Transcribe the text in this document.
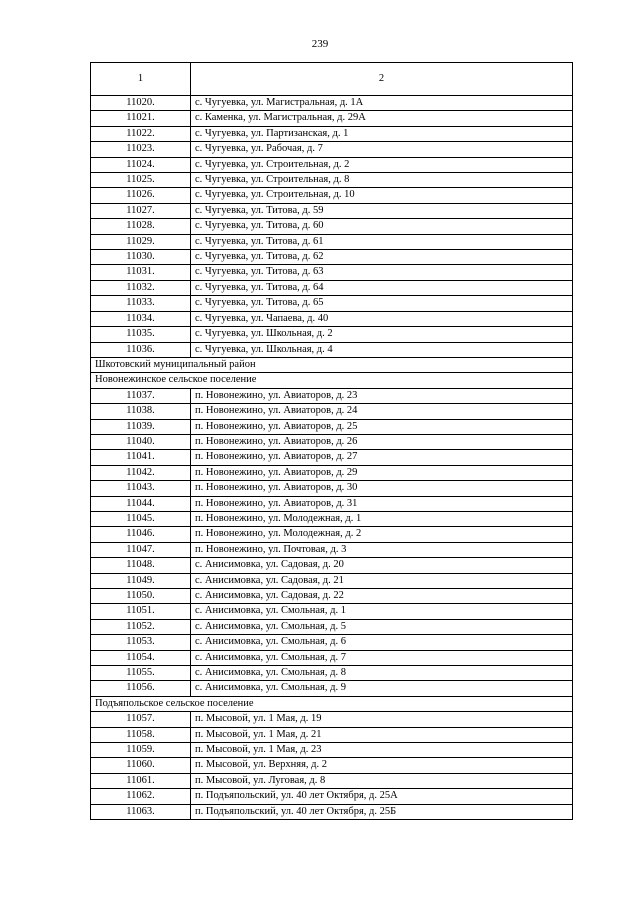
239
1	2
11020.	с. Чугуевка, ул. Магистральная, д. 1А
11021.	с. Каменка, ул. Магистральная, д. 29А
11022.	с. Чугуевка, ул. Партизанская, д. 1
11023.	с. Чугуевка, ул. Рабочая, д. 7
11024.	с. Чугуевка, ул. Строительная, д. 2
11025.	с. Чугуевка, ул. Строительная, д. 8
11026.	с. Чугуевка, ул. Строительная, д. 10
11027.	с. Чугуевка, ул. Титова, д. 59
11028.	с. Чугуевка, ул. Титова, д. 60
11029.	с. Чугуевка, ул. Титова, д. 61
11030.	с. Чугуевка, ул. Титова, д. 62
11031.	с. Чугуевка, ул. Титова, д. 63
11032.	с. Чугуевка, ул. Титова, д. 64
11033.	с. Чугуевка, ул. Титова, д. 65
11034.	с. Чугуевка, ул. Чапаева, д. 40
11035.	с. Чугуевка, ул. Школьная, д. 2
11036.	с. Чугуевка, ул. Школьная, д. 4
Шкотовский муниципальный район	
Новонежинское сельское поселение	
11037.	п. Новонежино, ул. Авиаторов, д. 23
11038.	п. Новонежино, ул. Авиаторов, д. 24
11039.	п. Новонежино, ул. Авиаторов, д. 25
11040.	п. Новонежино, ул. Авиаторов, д. 26
11041.	п. Новонежино, ул. Авиаторов, д. 27
11042.	п. Новонежино, ул. Авиаторов, д. 29
11043.	п. Новонежино, ул. Авиаторов, д. 30
11044.	п. Новонежино, ул. Авиаторов, д. 31
11045.	п. Новонежино, ул. Молодежная, д. 1
11046.	п. Новонежино, ул. Молодежная, д. 2
11047.	п. Новонежино, ул. Почтовая, д. 3
11048.	с. Анисимовка, ул. Садовая, д. 20
11049.	с. Анисимовка, ул. Садовая, д. 21
11050.	с. Анисимовка, ул. Садовая, д. 22
11051.	с. Анисимовка, ул. Смольная, д. 1
11052.	с. Анисимовка, ул. Смольная, д. 5
11053.	с. Анисимовка, ул. Смольная, д. 6
11054.	с. Анисимовка, ул. Смольная, д. 7
11055.	с. Анисимовка, ул. Смольная, д. 8
11056.	с. Анисимовка, ул. Смольная, д. 9
Подъяпольское сельское поселение	
11057.	п. Мысовой, ул. 1 Мая, д. 19
11058.	п. Мысовой, ул. 1 Мая, д. 21
11059.	п. Мысовой, ул. 1 Мая, д. 23
11060.	п. Мысовой, ул. Верхняя, д. 2
11061.	п. Мысовой, ул. Луговая, д. 8
11062.	п. Подъяпольский, ул. 40 лет Октября, д. 25А
11063.	п. Подъяпольский, ул. 40 лет Октября, д. 25Б
